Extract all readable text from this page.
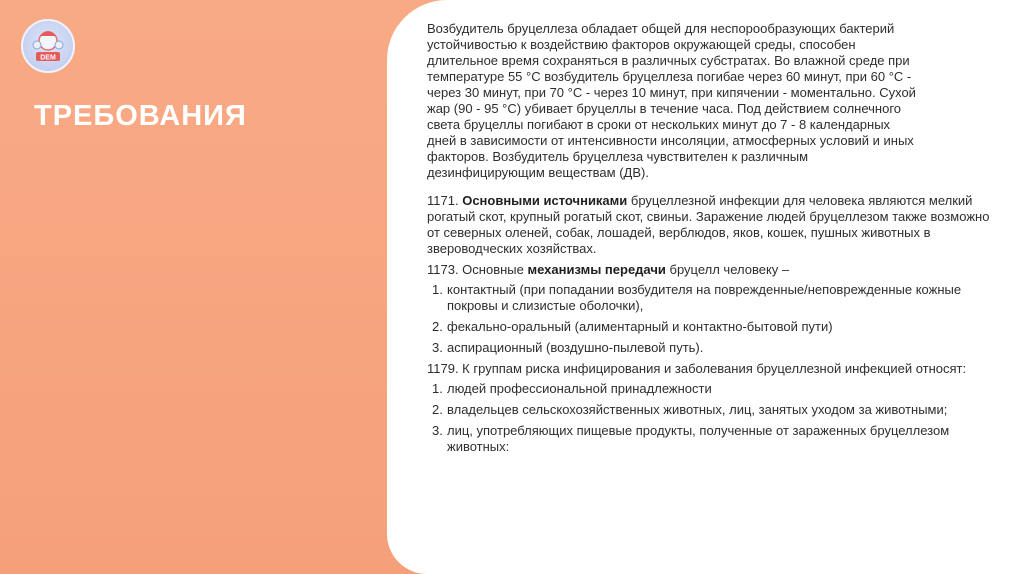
DEM
ТРЕБОВАНИЯ

Возбудитель бруцеллеза обладает общей для неспорообразующих бактерий устойчивостью к воздействию факторов окружающей среды, способен длительное время сохраняться в различных субстратах. Во влажной среде при температуре 55 °С возбудитель бруцеллеза погибае через 60 минут, при 60 °С - через 30 минут, при 70 °С - через 10 минут, при кипячении - моментально. Сухой жар (90 - 95 °С) убивает бруцеллы в течение часа. Под действием солнечного света бруцеллы погибают в сроки от нескольких минут до 7 - 8 календарных дней в зависимости от интенсивности инсоляции, атмосферных условий и иных факторов. Возбудитель бруцеллеза чувствителен к различным дезинфицирующим веществам (ДВ).

1171. Основными источниками бруцеллезной инфекции для человека являются мелкий рогатый скот, крупный рогатый скот, свиньи. Заражение людей бруцеллезом также возможно от северных оленей, собак, лошадей, верблюдов, яков, кошек, пушных животных в звероводческих хозяйствах.

1173. Основные механизмы передачи бруцелл человеку –

1. контактный (при попадании возбудителя на поврежденные/неповрежденные кожные покровы и слизистые оболочки),
2. фекально-оральный (алиментарный и контактно-бытовой пути)
3. аспирационный (воздушно-пылевой путь).

1179. К группам риска инфицирования и заболевания бруцеллезной инфекцией относят:

1. людей профессиональной принадлежности
2. владельцев сельскохозяйственных животных, лиц, занятых уходом за животными;
3. лиц, употребляющих пищевые продукты, полученные от зараженных бруцеллезом животных:
